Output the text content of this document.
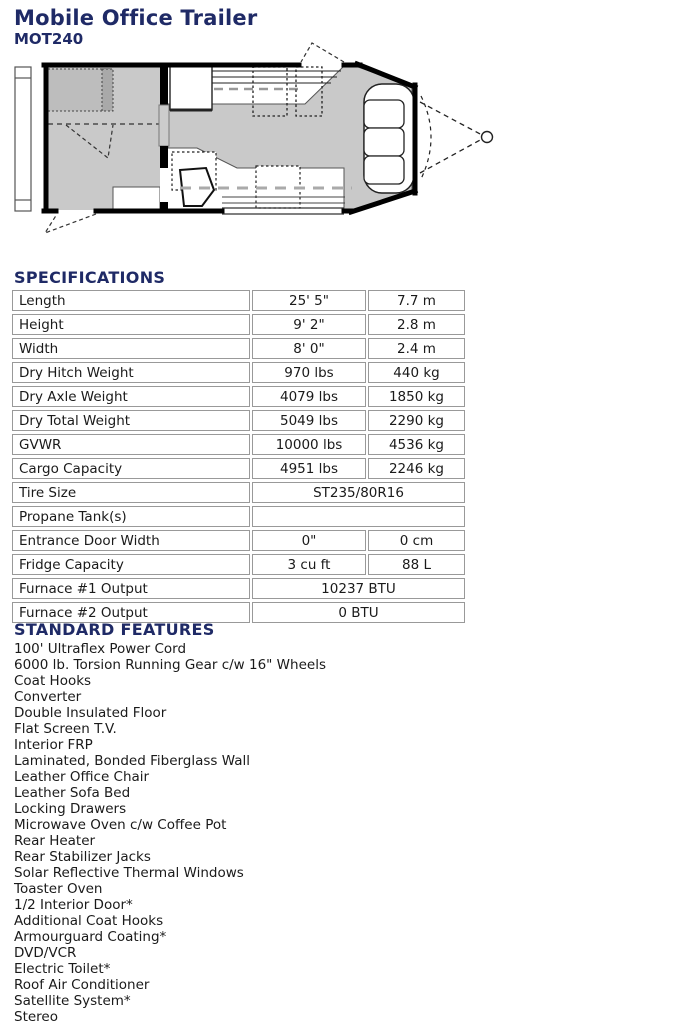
Mobile Office Trailer
MOT240
SPECIFICATIONS
Length	25' 5"	7.7 m
Height	9' 2"	2.8 m
Width	8' 0"	2.4 m
Dry Hitch Weight	970 lbs	440 kg
Dry Axle Weight	4079 lbs	1850 kg
Dry Total Weight	5049 lbs	2290 kg
GVWR	10000 lbs	4536 kg
Cargo Capacity	4951 lbs	2246 kg
Tire Size	ST235/80R16	
Propane Tank(s)		
Entrance Door Width	0"	0 cm
Fridge Capacity	3 cu ft	88 L
Furnace #1 Output	10237 BTU	
Furnace #2 Output	0 BTU	
STANDARD FEATURES
100' Ultraflex Power Cord
6000 lb. Torsion Running Gear c/w 16" Wheels
Coat Hooks
Converter
Double Insulated Floor
Flat Screen T.V.
Interior FRP
Laminated, Bonded Fiberglass Wall
Leather Office Chair
Leather Sofa Bed
Locking Drawers
Microwave Oven c/w Coffee Pot
Rear Heater
Rear Stabilizer Jacks
Solar Reflective Thermal Windows
Toaster Oven
1/2 Interior Door*
Additional Coat Hooks
Armourguard Coating*
DVD/VCR
Electric Toilet*
Roof Air Conditioner
Satellite System*
Stereo
